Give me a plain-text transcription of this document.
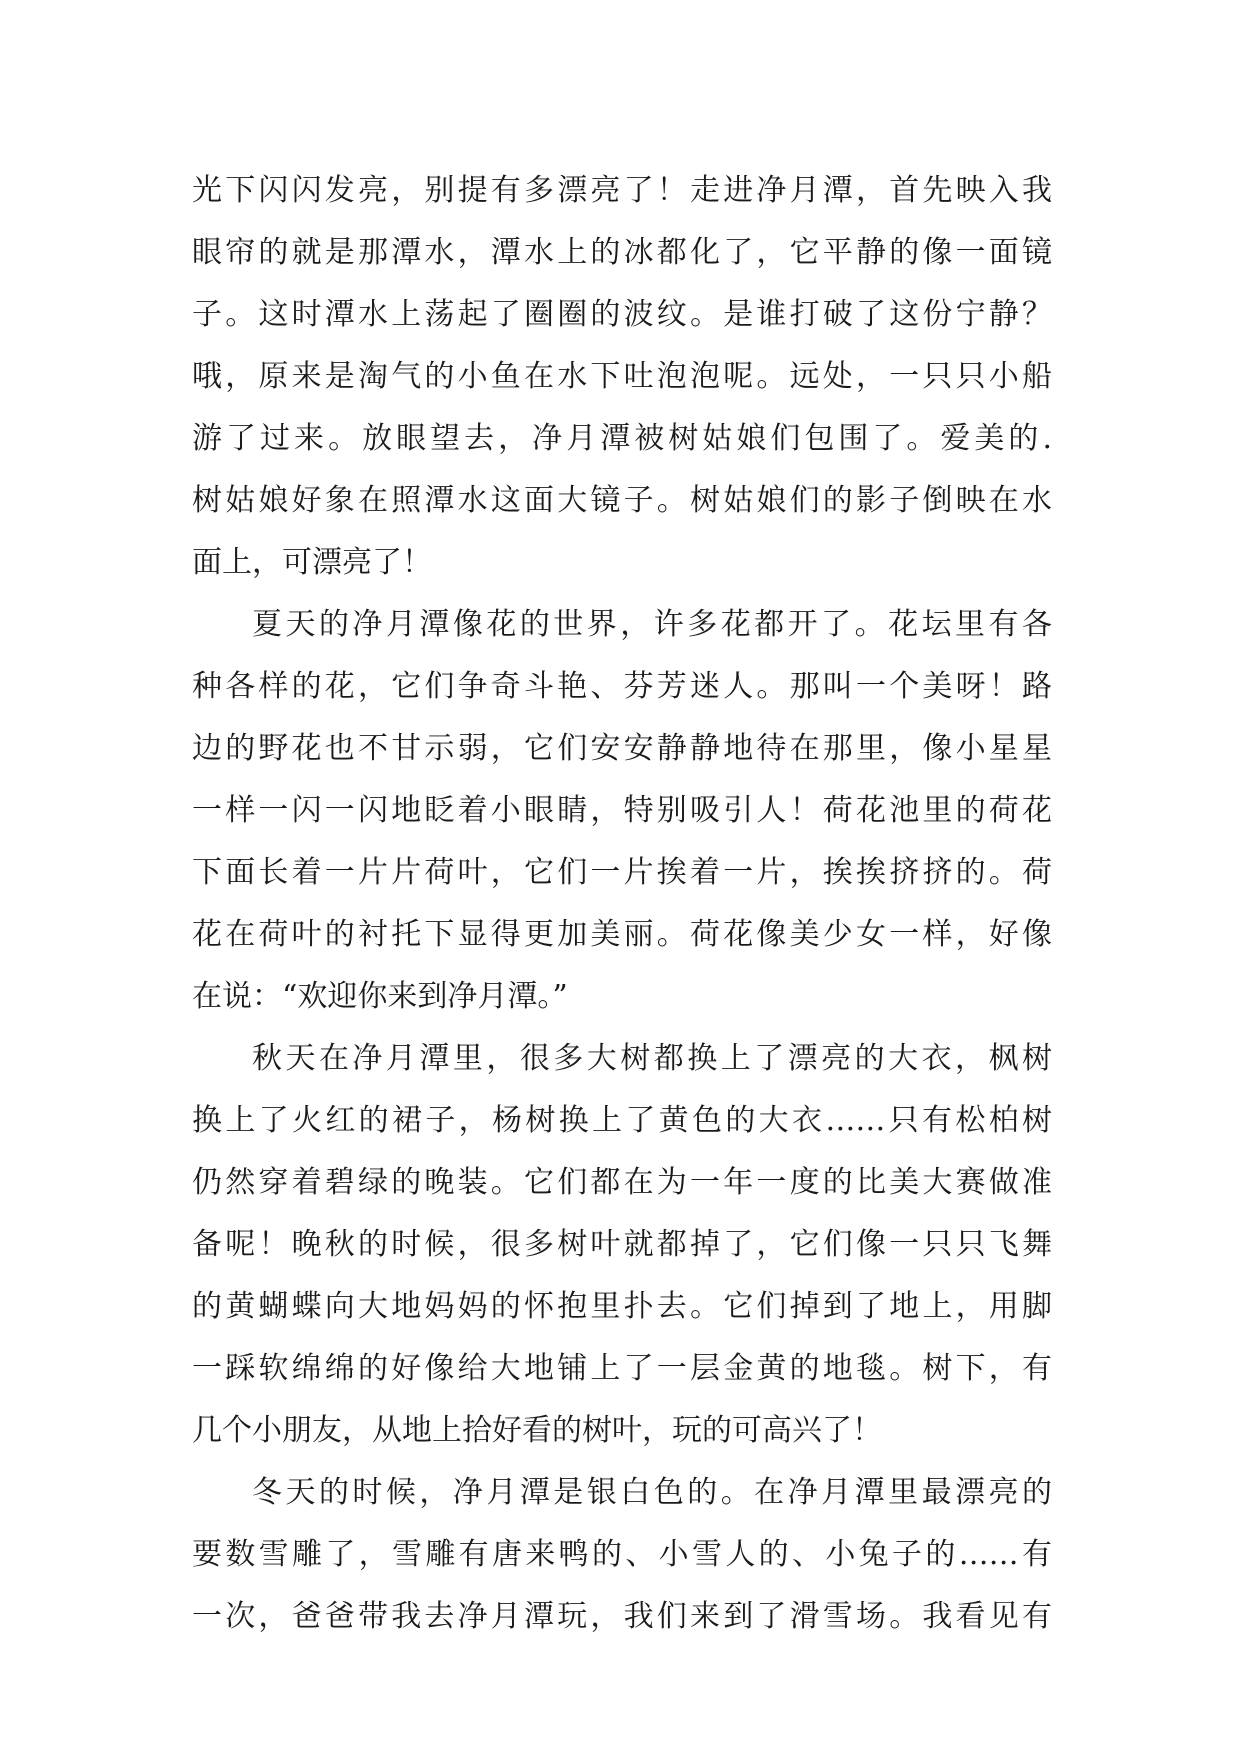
光下闪闪发亮，别提有多漂亮了！走进净月潭，首先映入我
眼帘的就是那潭水，潭水上的冰都化了，它平静的像一面镜
子。这时潭水上荡起了圈圈的波纹。是谁打破了这份宁静？
哦，原来是淘气的小鱼在水下吐泡泡呢。远处，一只只小船
游了过来。放眼望去，净月潭被树姑娘们包围了。爱美的.
树姑娘好象在照潭水这面大镜子。树姑娘们的影子倒映在水
面上，可漂亮了！
夏天的净月潭像花的世界，许多花都开了。花坛里有各
种各样的花，它们争奇斗艳、芬芳迷人。那叫一个美呀！路
边的野花也不甘示弱，它们安安静静地待在那里，像小星星
一样一闪一闪地眨着小眼睛，特别吸引人！荷花池里的荷花
下面长着一片片荷叶，它们一片挨着一片，挨挨挤挤的。荷
花在荷叶的衬托下显得更加美丽。荷花像美少女一样，好像
在说：“欢迎你来到净月潭。”
秋天在净月潭里，很多大树都换上了漂亮的大衣，枫树
换上了火红的裙子，杨树换上了黄色的大衣……只有松柏树
仍然穿着碧绿的晚装。它们都在为一年一度的比美大赛做准
备呢！晚秋的时候，很多树叶就都掉了，它们像一只只飞舞
的黄蝴蝶向大地妈妈的怀抱里扑去。它们掉到了地上，用脚
一踩软绵绵的好像给大地铺上了一层金黄的地毯。树下，有
几个小朋友，从地上拾好看的树叶，玩的可高兴了！
冬天的时候，净月潭是银白色的。在净月潭里最漂亮的
要数雪雕了，雪雕有唐来鸭的、小雪人的、小兔子的……有
一次，爸爸带我去净月潭玩，我们来到了滑雪场。我看见有
